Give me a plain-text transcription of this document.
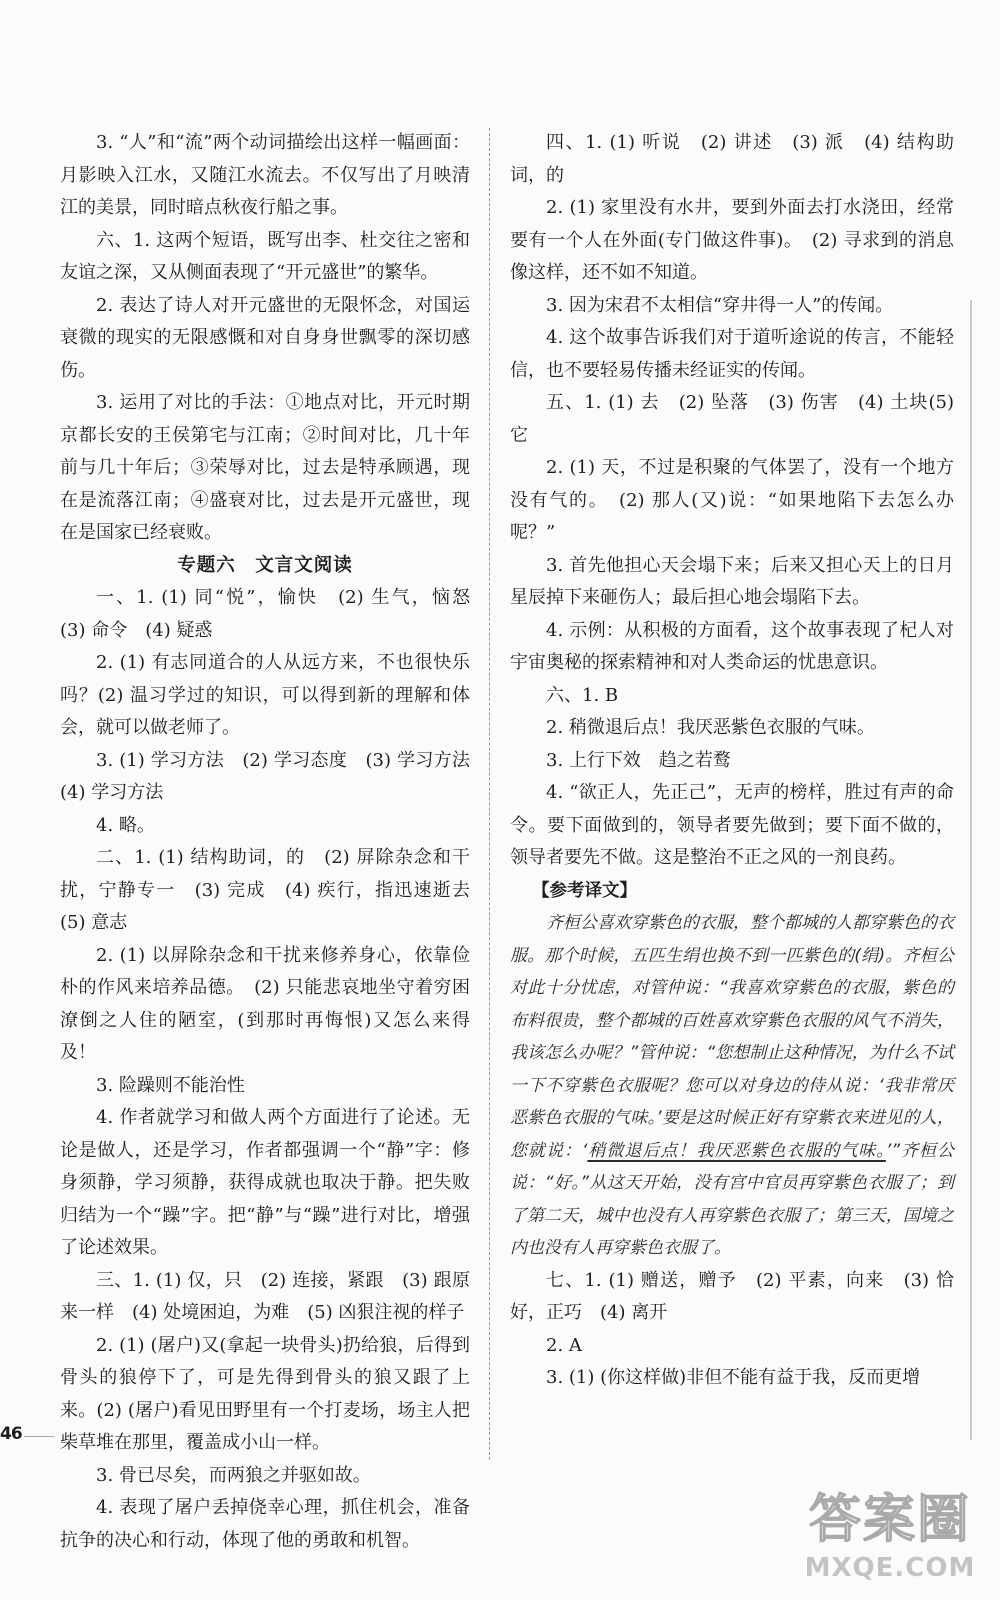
3. “人”和“流”两个动词描绘出这样一幅画面：月影映入江水，又随江水流去。不仅写出了月映清江的美景，同时暗点秋夜行船之事。

六、1. 这两个短语，既写出李、杜交往之密和友谊之深，又从侧面表现了“开元盛世”的繁华。

2. 表达了诗人对开元盛世的无限怀念，对国运衰微的现实的无限感慨和对自身身世飘零的深切感伤。

3. 运用了对比的手法：①地点对比，开元时期京都长安的王侯第宅与江南；②时间对比，几十年前与几十年后；③荣辱对比，过去是特承顾遇，现在是流落江南；④盛衰对比，过去是开元盛世，现在是国家已经衰败。

专题六　文言文阅读

一、1. (1) 同“悦”，愉快　(2) 生气，恼怒　(3) 命令　(4) 疑惑

2. (1) 有志同道合的人从远方来，不也很快乐吗？(2) 温习学过的知识，可以得到新的理解和体会，就可以做老师了。

3. (1) 学习方法　(2) 学习态度　(3) 学习方法(4) 学习方法

4. 略。

二、1. (1) 结构助词，的　(2) 屏除杂念和干扰，宁静专一　(3) 完成　(4) 疾行，指迅速逝去(5) 意志

2. (1) 以屏除杂念和干扰来修养身心，依靠俭朴的作风来培养品德。　(2) 只能悲哀地坐守着穷困潦倒之人住的陋室，(到那时再悔恨)又怎么来得及！

3. 险躁则不能治性

4. 作者就学习和做人两个方面进行了论述。无论是做人，还是学习，作者都强调一个“静”字：修身须静，学习须静，获得成就也取决于静。把失败归结为一个“躁”字。把“静”与“躁”进行对比，增强了论述效果。

三、1. (1) 仅，只　(2) 连接，紧跟　(3) 跟原来一样　(4) 处境困迫，为难　(5) 凶狠注视的样子

2. (1) (屠户)又(拿起一块骨头)扔给狼，后得到骨头的狼停下了，可是先得到骨头的狼又跟了上来。(2) (屠户)看见田野里有一个打麦场，场主人把柴草堆在那里，覆盖成小山一样。

3. 骨已尽矣，而两狼之并驱如故。

4. 表现了屠户丢掉侥幸心理，抓住机会，准备抗争的决心和行动，体现了他的勇敢和机智。

四、1. (1) 听说　(2) 讲述　(3) 派　(4) 结构助词，的

2. (1) 家里没有水井，要到外面去打水浇田，经常要有一个人在外面(专门做这件事)。　(2) 寻求到的消息像这样，还不如不知道。

3. 因为宋君不太相信“穿井得一人”的传闻。

4. 这个故事告诉我们对于道听途说的传言，不能轻信，也不要轻易传播未经证实的传闻。

五、1. (1) 去　(2) 坠落　(3) 伤害　(4) 土块(5) 它

2. (1) 天，不过是积聚的气体罢了，没有一个地方没有气的。　(2) 那人(又)说：“如果地陷下去怎么办呢？”

3. 首先他担心天会塌下来；后来又担心天上的日月星辰掉下来砸伤人；最后担心地会塌陷下去。

4. 示例：从积极的方面看，这个故事表现了杞人对宇宙奥秘的探索精神和对人类命运的忧患意识。

六、1. B

2. 稍微退后点！我厌恶紫色衣服的气味。

3. 上行下效　趋之若鹜

4. “欲正人，先正己”，无声的榜样，胜过有声的命令。要下面做到的，领导者要先做到；要下面不做的，领导者要先不做。这是整治不正之风的一剂良药。

【参考译文】

齐桓公喜欢穿紫色的衣服，整个都城的人都穿紫色的衣服。那个时候，五匹生绢也换不到一匹紫色的(绢)。齐桓公对此十分忧虑，对管仲说：“我喜欢穿紫色的衣服，紫色的布料很贵，整个都城的百姓喜欢穿紫色衣服的风气不消失，我该怎么办呢？”管仲说：“您想制止这种情况，为什么不试一下不穿紫色衣服呢？您可以对身边的侍从说：‘我非常厌恶紫色衣服的气味。’要是这时候正好有穿紫衣来进见的人，您就说：‘稍微退后点！我厌恶紫色衣服的气味。’”齐桓公说：“好。”从这天开始，没有宫中官员再穿紫色衣服了；到了第二天，城中也没有人再穿紫色衣服了；第三天，国境之内也没有人再穿紫色衣服了。

七、1. (1) 赠送，赠予　(2) 平素，向来　(3) 恰好，正巧　(4) 离开

2. A

3. (1) (你这样做)非但不能有益于我，反而更增

46
答案圈
MXQE.COM
